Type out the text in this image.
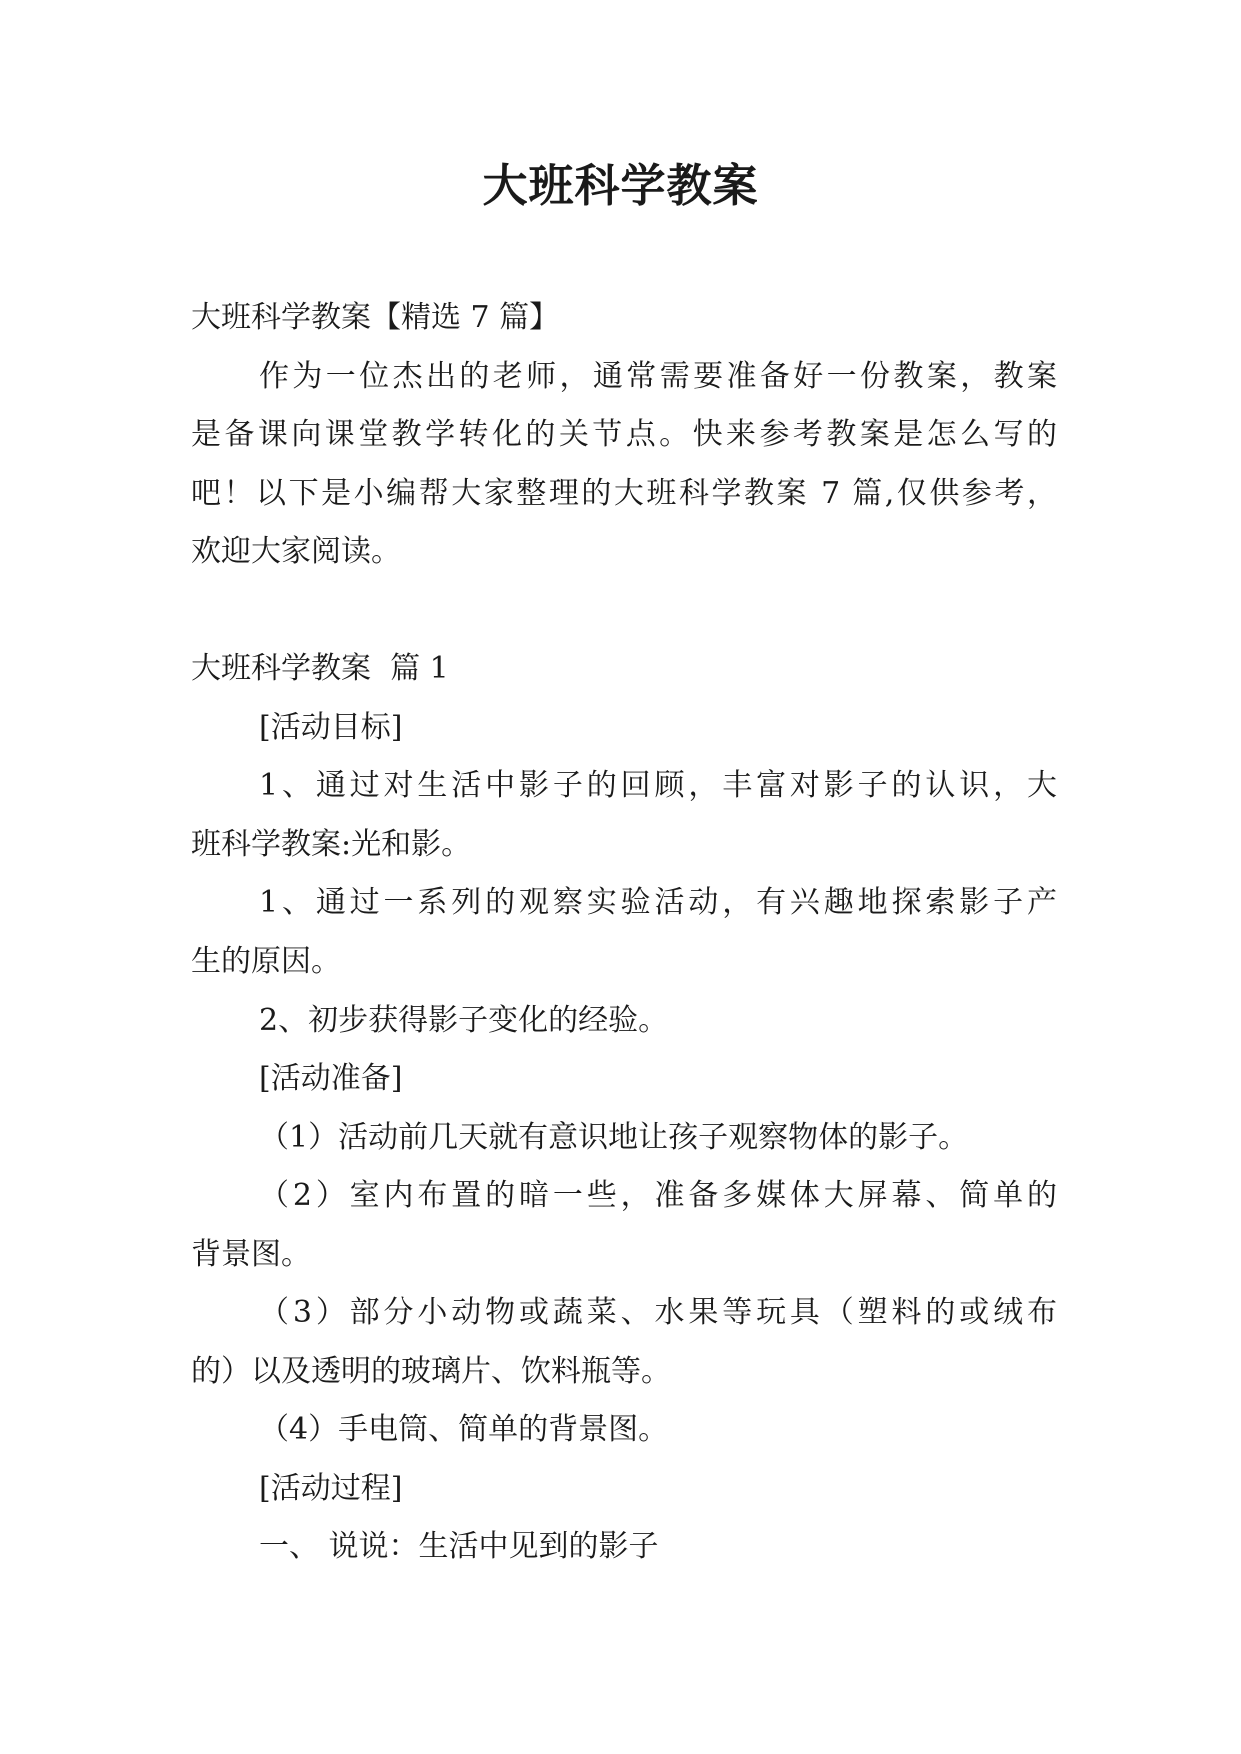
大班科学教案
大班科学教案【精选 7 篇】
作为一位杰出的老师，通常需要准备好一份教案，教案
是备课向课堂教学转化的关节点。快来参考教案是怎么写的
吧！以下是小编帮大家整理的大班科学教案 7 篇,仅供参考，
欢迎大家阅读。
大班科学教案  篇 1
[活动目标]
1、通过对生活中影子的回顾，丰富对影子的认识，大
班科学教案:光和影。
1、通过一系列的观察实验活动，有兴趣地探索影子产
生的原因。
2、初步获得影子变化的经验。
[活动准备]
（1）活动前几天就有意识地让孩子观察物体的影子。
（2）室内布置的暗一些，准备多媒体大屏幕、简单的
背景图。
（3）部分小动物或蔬菜、水果等玩具（塑料的或绒布
的）以及透明的玻璃片、饮料瓶等。
（4）手电筒、简单的背景图。
[活动过程]
一、 说说：生活中见到的影子
